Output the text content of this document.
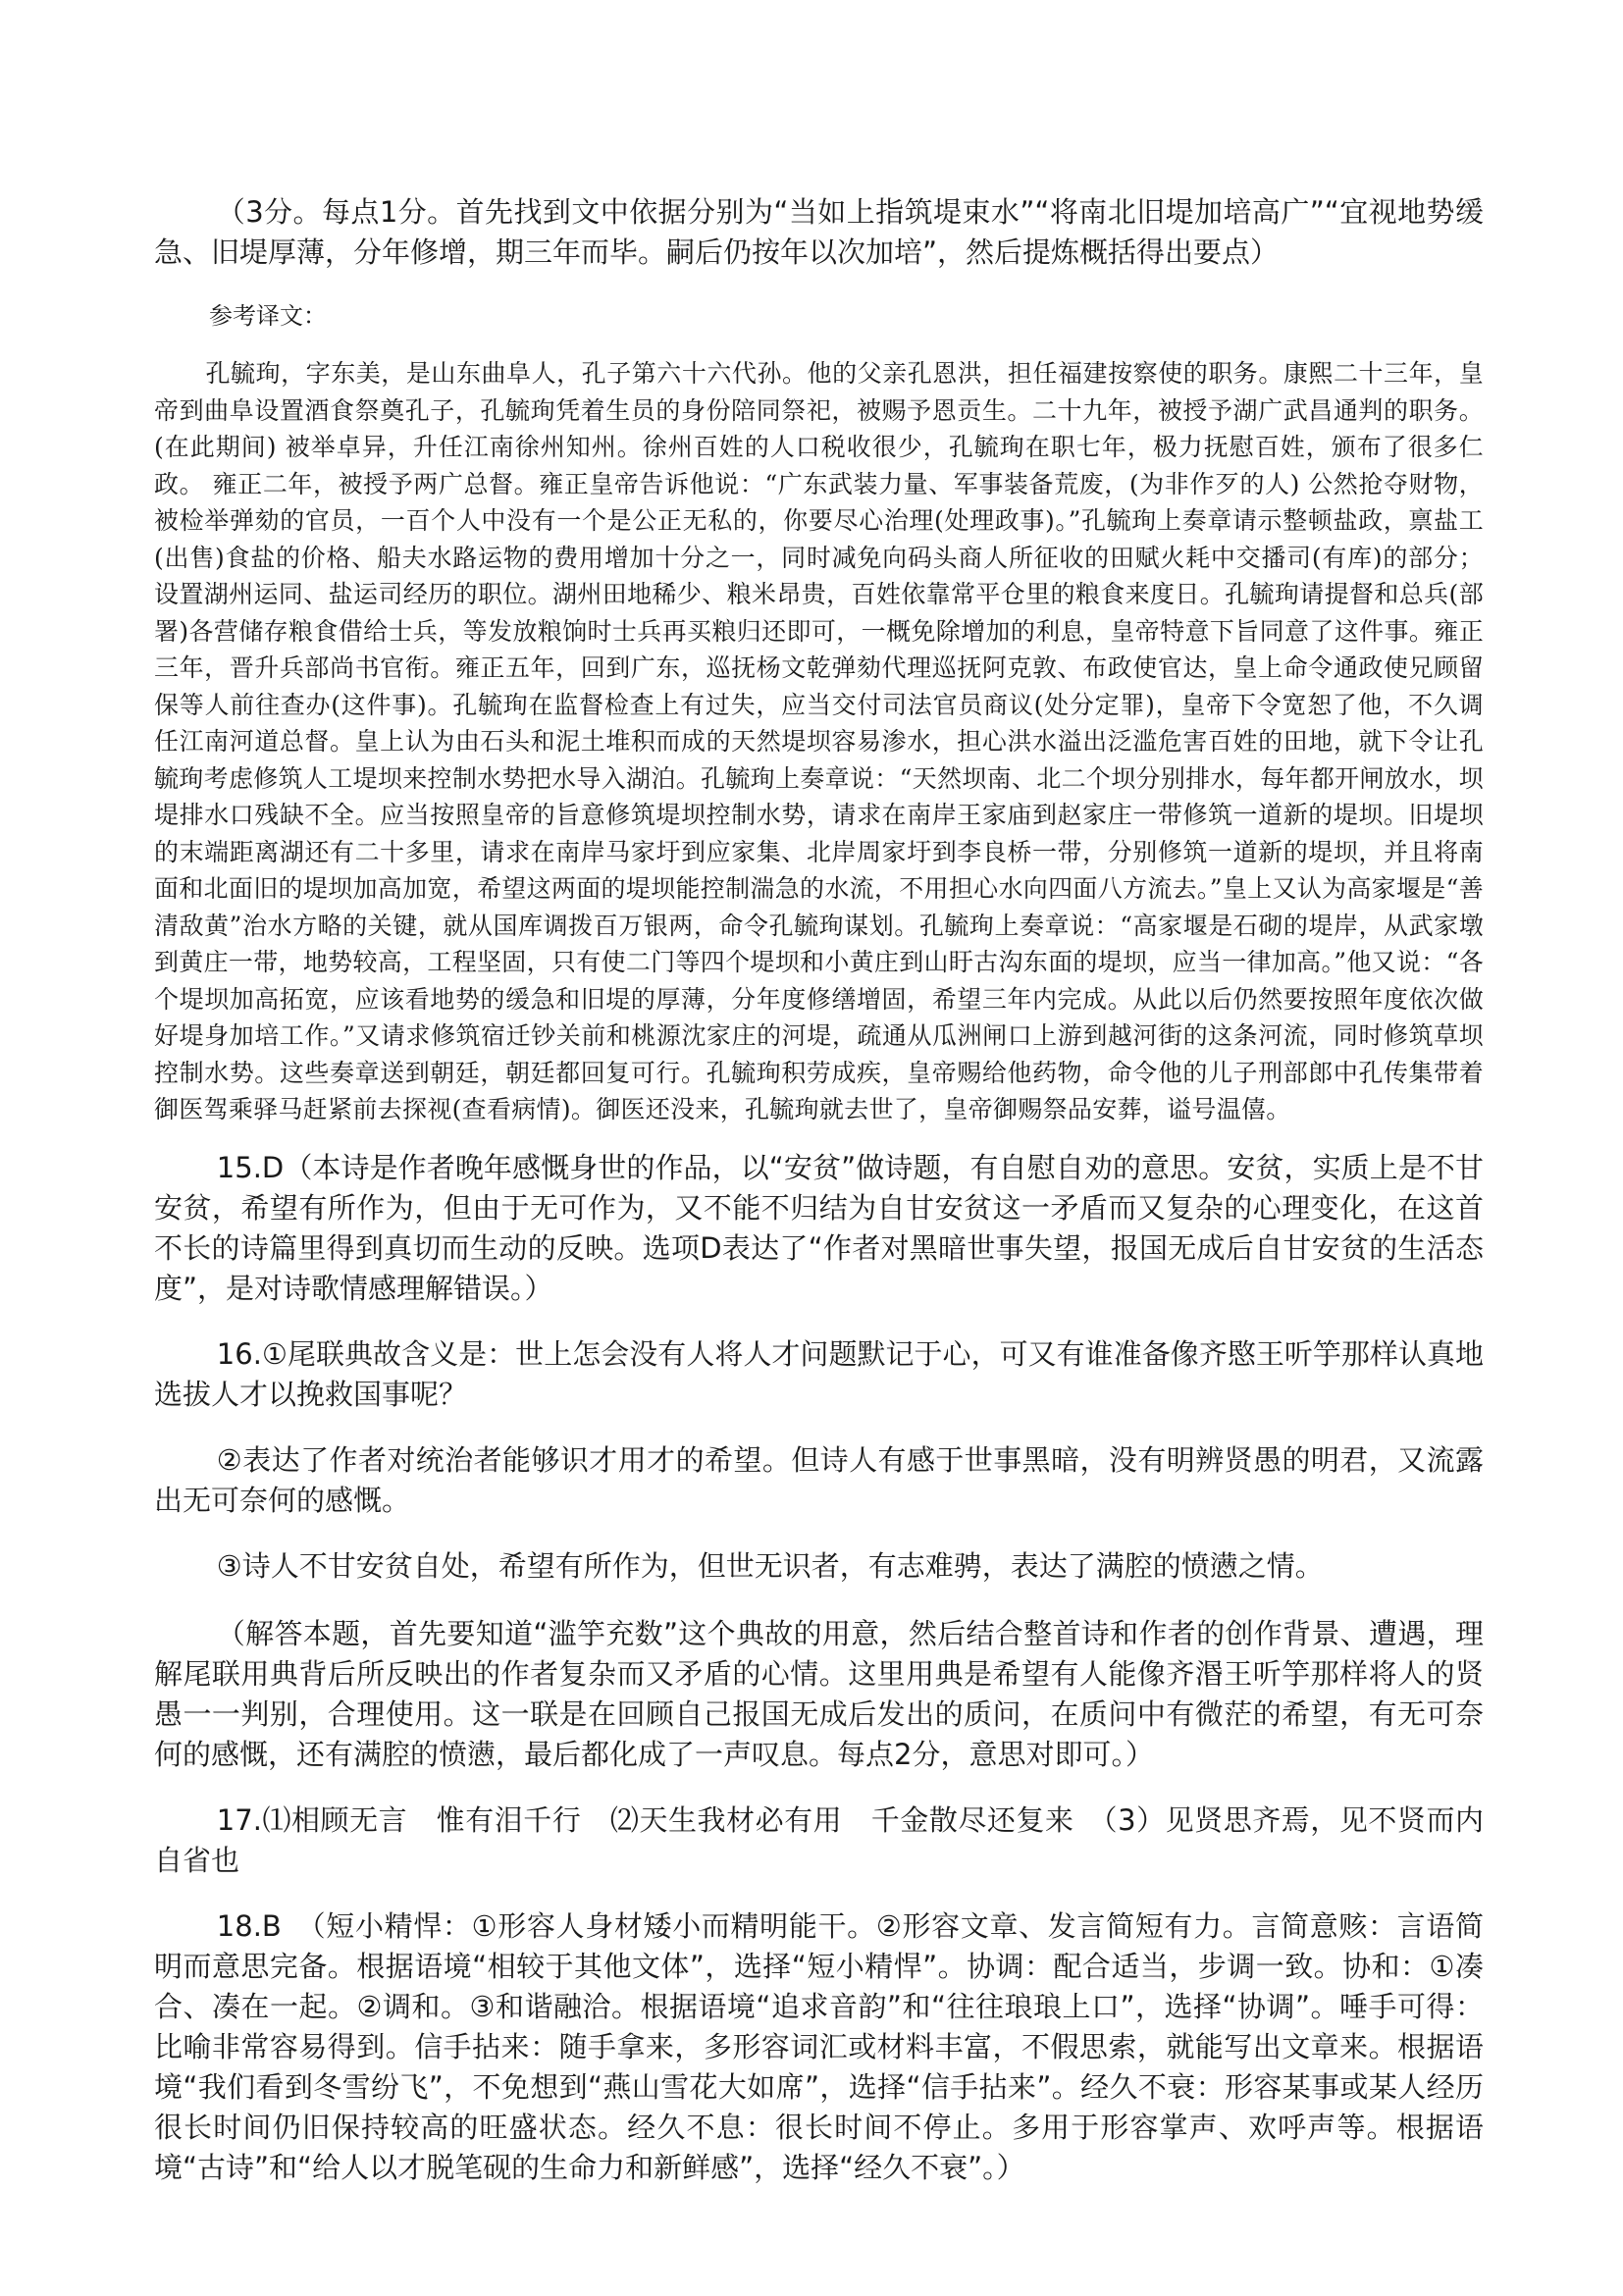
（3分。每点1分。首先找到文中依据分别为“当如上指筑堤束水”“将南北旧堤加培高广”“宜视地势缓急、旧堤厚薄，分年修增，期三年而毕。嗣后仍按年以次加培”，然后提炼概括得出要点）

参考译文：

孔毓珣，字东美，是山东曲阜人，孔子第六十六代孙。他的父亲孔恩洪，担任福建按察使的职务。康熙二十三年，皇帝到曲阜设置酒食祭奠孔子，孔毓珣凭着生员的身份陪同祭祀，被赐予恩贡生。二十九年，被授予湖广武昌通判的职务。(在此期间) 被举卓异，升任江南徐州知州。徐州百姓的人口税收很少，孔毓珣在职七年，极力抚慰百姓，颁布了很多仁政。 雍正二年，被授予两广总督。雍正皇帝告诉他说：“广东武装力量、军事装备荒废，(为非作歹的人) 公然抢夺财物，被检举弹劾的官员，一百个人中没有一个是公正无私的，你要尽心治理(处理政事)。”孔毓珣上奏章请示整顿盐政，禀盐工(出售)食盐的价格、船夫水路运物的费用增加十分之一，同时减免向码头商人所征收的田赋火耗中交播司(有库)的部分；设置湖州运同、盐运司经历的职位。湖州田地稀少、粮米昂贵，百姓依靠常平仓里的粮食来度日。孔毓珣请提督和总兵(部署)各营储存粮食借给士兵，等发放粮饷时士兵再买粮归还即可，一概免除增加的利息，皇帝特意下旨同意了这件事。雍正三年，晋升兵部尚书官衔。雍正五年，回到广东，巡抚杨文乾弹劾代理巡抚阿克敦、布政使官达，皇上命令通政使兄顾留保等人前往查办(这件事)。孔毓珣在监督检查上有过失，应当交付司法官员商议(处分定罪)，皇帝下令宽恕了他，不久调任江南河道总督。皇上认为由石头和泥土堆积而成的天然堤坝容易渗水，担心洪水溢出泛滥危害百姓的田地，就下令让孔毓珣考虑修筑人工堤坝来控制水势把水导入湖泊。孔毓珣上奏章说：“天然坝南、北二个坝分别排水，每年都开闸放水，坝堤排水口残缺不全。应当按照皇帝的旨意修筑堤坝控制水势，请求在南岸王家庙到赵家庄一带修筑一道新的堤坝。旧堤坝的末端距离湖还有二十多里，请求在南岸马家圩到应家集、北岸周家圩到李良桥一带，分别修筑一道新的堤坝，并且将南面和北面旧的堤坝加高加宽，希望这两面的堤坝能控制湍急的水流，不用担心水向四面八方流去。”皇上又认为高家堰是“善清敌黄”治水方略的关键，就从国库调拨百万银两，命令孔毓珣谋划。孔毓珣上奏章说：“高家堰是石砌的堤岸，从武家墩到黄庄一带，地势较高，工程坚固，只有使二门等四个堤坝和小黄庄到山盱古沟东面的堤坝，应当一律加高。”他又说：“各个堤坝加高拓宽，应该看地势的缓急和旧堤的厚薄，分年度修缮增固，希望三年内完成。从此以后仍然要按照年度依次做好堤身加培工作。”又请求修筑宿迁钞关前和桃源沈家庄的河堤，疏通从瓜洲闸口上游到越河街的这条河流，同时修筑草坝控制水势。这些奏章送到朝廷，朝廷都回复可行。孔毓珣积劳成疾，皇帝赐给他药物，命令他的儿子刑部郎中孔传集带着御医驾乘驿马赶紧前去探视(查看病情)。御医还没来，孔毓珣就去世了，皇帝御赐祭品安葬，谥号温僖。

15.D（本诗是作者晚年感慨身世的作品，以“安贫”做诗题，有自慰自劝的意思。安贫，实质上是不甘安贫，希望有所作为，但由于无可作为，又不能不归结为自甘安贫这一矛盾而又复杂的心理变化，在这首不长的诗篇里得到真切而生动的反映。选项D表达了“作者对黑暗世事失望，报国无成后自甘安贫的生活态度”，是对诗歌情感理解错误。）

16.①尾联典故含义是：世上怎会没有人将人才问题默记于心，可又有谁准备像齐愍王听竽那样认真地选拔人才以挽救国事呢？

②表达了作者对统治者能够识才用才的希望。但诗人有感于世事黑暗，没有明辨贤愚的明君，又流露出无可奈何的感慨。

③诗人不甘安贫自处，希望有所作为，但世无识者，有志难骋，表达了满腔的愤懑之情。

（解答本题，首先要知道“滥竽充数”这个典故的用意，然后结合整首诗和作者的创作背景、遭遇，理解尾联用典背后所反映出的作者复杂而又矛盾的心情。这里用典是希望有人能像齐湣王听竽那样将人的贤愚一一判别，合理使用。这一联是在回顾自己报国无成后发出的质问，在质问中有微茫的希望，有无可奈何的感慨，还有满腔的愤懑，最后都化成了一声叹息。每点2分，意思对即可。）

17.⑴相顾无言　惟有泪千行　⑵天生我材必有用　千金散尽还复来　（3）见贤思齐焉，见不贤而内自省也

18.B　（短小精悍：①形容人身材矮小而精明能干。②形容文章、发言简短有力。言简意赅：言语简明而意思完备。根据语境“相较于其他文体”，选择“短小精悍”。协调：配合适当，步调一致。协和：①凑合、凑在一起。②调和。③和谐融洽。根据语境“追求音韵”和“往往琅琅上口”，选择“协调”。唾手可得：比喻非常容易得到。信手拈来：随手拿来，多形容词汇或材料丰富，不假思索，就能写出文章来。根据语境“我们看到冬雪纷飞”，不免想到“燕山雪花大如席”，选择“信手拈来”。经久不衰：形容某事或某人经历很长时间仍旧保持较高的旺盛状态。经久不息：很长时间不停止。多用于形容掌声、欢呼声等。根据语境“古诗”和“给人以才脱笔砚的生命力和新鲜感”，选择“经久不衰”。）
